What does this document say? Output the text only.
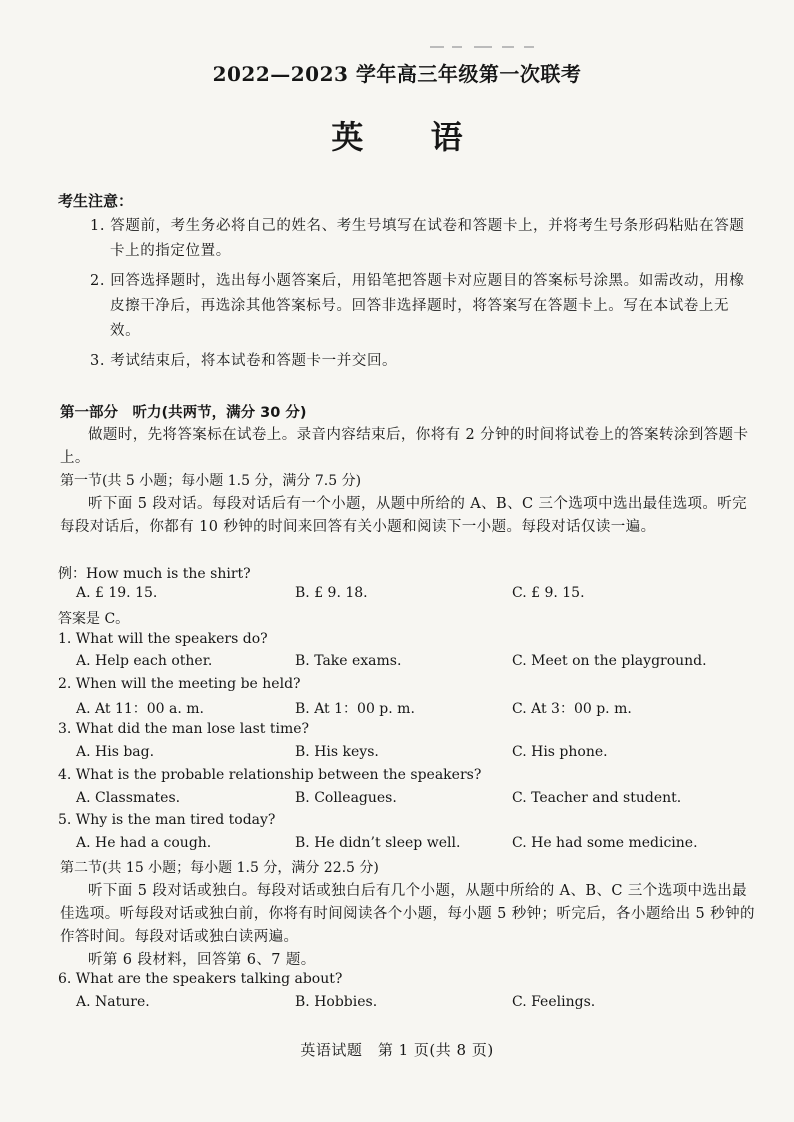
2022—2023 学年高三年级第一次联考
英 语
考生注意：
1. 答题前，考生务必将自己的姓名、考生号填写在试卷和答题卡上，并将考生号条形码粘贴在答题卡上的指定位置。
2. 回答选择题时，选出每小题答案后，用铅笔把答题卡对应题目的答案标号涂黑。如需改动，用橡皮擦干净后，再选涂其他答案标号。回答非选择题时，将答案写在答题卡上。写在本试卷上无效。
3. 考试结束后，将本试卷和答题卡一并交回。
第一部分　听力(共两节，满分 30 分)
做题时，先将答案标在试卷上。录音内容结束后，你将有 2 分钟的时间将试卷上的答案转涂到答题卡上。
第一节(共 5 小题；每小题 1.5 分，满分 7.5 分)
听下面 5 段对话。每段对话后有一个小题，从题中所给的 A、B、C 三个选项中选出最佳选项。听完每段对话后，你都有 10 秒钟的时间来回答有关小题和阅读下一小题。每段对话仅读一遍。
例：How much is the shirt?
A. £ 19. 15.	B. £ 9. 18.	C. £ 9. 15.
答案是 C。
1. What will the speakers do?
A. Help each other.	B. Take exams.	C. Meet on the playground.
2. When will the meeting be held?
A. At 11：00 a. m.	B. At 1：00 p. m.	C. At 3：00 p. m.
3. What did the man lose last time?
A. His bag.	B. His keys.	C. His phone.
4. What is the probable relationship between the speakers?
A. Classmates.	B. Colleagues.	C. Teacher and student.
5. Why is the man tired today?
A. He had a cough.	B. He didn’t sleep well.	C. He had some medicine.
第二节(共 15 小题；每小题 1.5 分，满分 22.5 分)
听下面 5 段对话或独白。每段对话或独白后有几个小题，从题中所给的 A、B、C 三个选项中选出最佳选项。听每段对话或独白前，你将有时间阅读各个小题，每小题 5 秒钟；听完后，各小题给出 5 秒钟的作答时间。每段对话或独白读两遍。
听第 6 段材料，回答第 6、7 题。
6. What are the speakers talking about?
A. Nature.	B. Hobbies.	C. Feelings.
英语试题　第 1 页(共 8 页)
